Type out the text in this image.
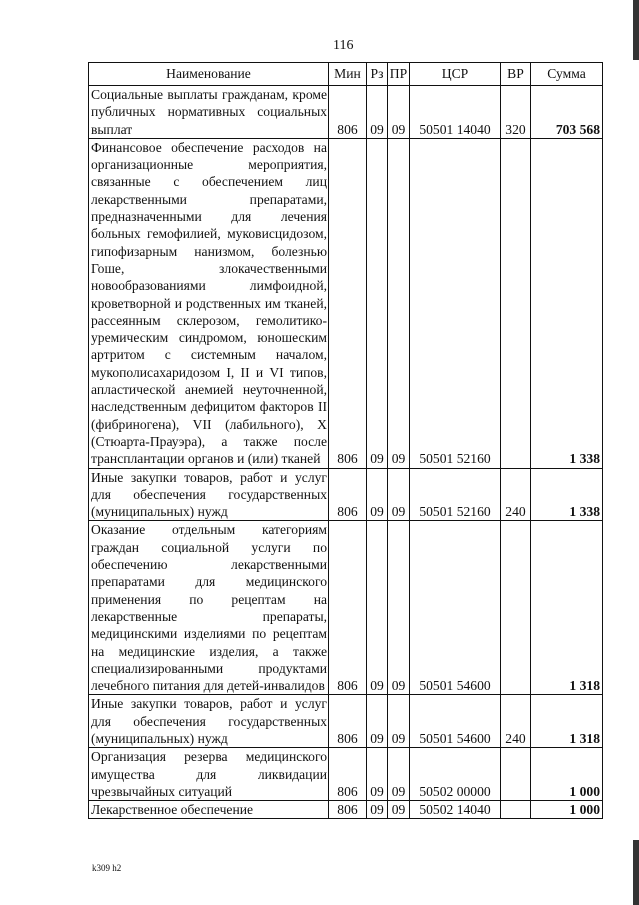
116
Наименование	Мин	Рз	ПР	ЦСР	ВР	Сумма
Социальные выплаты гражданам, кроме публичных нормативных социальных выплат	806	09	09	50501 14040	320	703 568
Финансовое обеспечение расходов на организационные мероприятия, связанные с обеспечением лиц лекарственными препаратами, предназначенными для лечения больных гемофилией, муковисцидозом, гипофизарным нанизмом, болезнью Гоше, злокачественными новообразованиями лимфоидной, кроветворной и родственных им тканей, рассеянным склерозом, гемолитико-уремическим синдромом, юношеским артритом с системным началом, мукополисахаридозом I, II и VI типов, апластической анемией неуточненной, наследственным дефицитом факторов II (фибриногена), VII (лабильного), X (Стюарта-Прауэра), а также после трансплантации органов и (или) тканей	806	09	09	50501 52160		1 338
Иные закупки товаров, работ и услуг для обеспечения государственных (муниципальных) нужд	806	09	09	50501 52160	240	1 338
Оказание отдельным категориям граждан социальной услуги по обеспечению лекарственными препаратами для медицинского применения по рецептам на лекарственные препараты, медицинскими изделиями по рецептам на медицинские изделия, а также специализированными продуктами лечебного питания для детей-инвалидов	806	09	09	50501 54600		1 318
Иные закупки товаров, работ и услуг для обеспечения государственных (муниципальных) нужд	806	09	09	50501 54600	240	1 318
Организация резерва медицинского имущества для ликвидации чрезвычайных ситуаций	806	09	09	50502 00000		1 000
Лекарственное обеспечение	806	09	09	50502 14040		1 000
k309 h2
